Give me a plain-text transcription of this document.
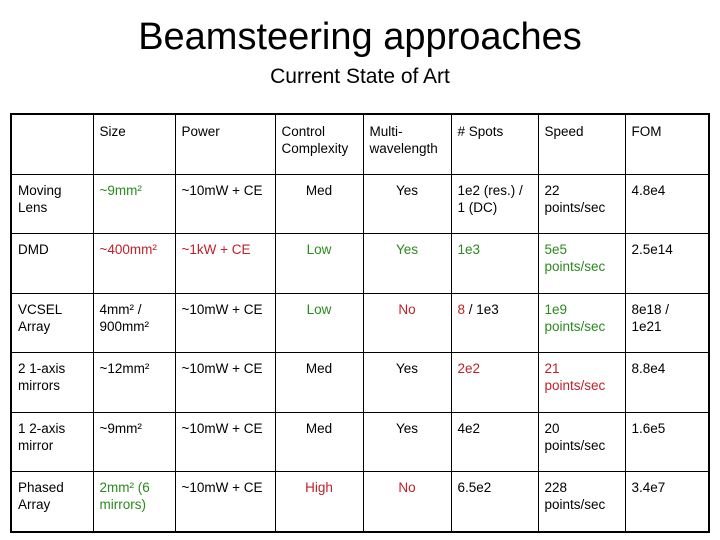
Beamsteering approaches
Current State of Art
	Size	Power	Control Complexity	Multi-wavelength	# Spots	Speed	FOM
Moving Lens	~9mm²	~10mW + CE	Med	Yes	1e2 (res.) / 1 (DC)	22 points/sec	4.8e4
DMD	~400mm²	~1kW + CE	Low	Yes	1e3	5e5 points/sec	2.5e14
VCSEL Array	4mm² / 900mm²	~10mW + CE	Low	No	8 / 1e3	1e9 points/sec	8e18 / 1e21
2 1-axis mirrors	~12mm²	~10mW + CE	Med	Yes	2e2	21 points/sec	8.8e4
1 2-axis mirror	~9mm²	~10mW + CE	Med	Yes	4e2	20 points/sec	1.6e5
Phased Array	2mm² (6 mirrors)	~10mW + CE	High	No	6.5e2	228 points/sec	3.4e7
